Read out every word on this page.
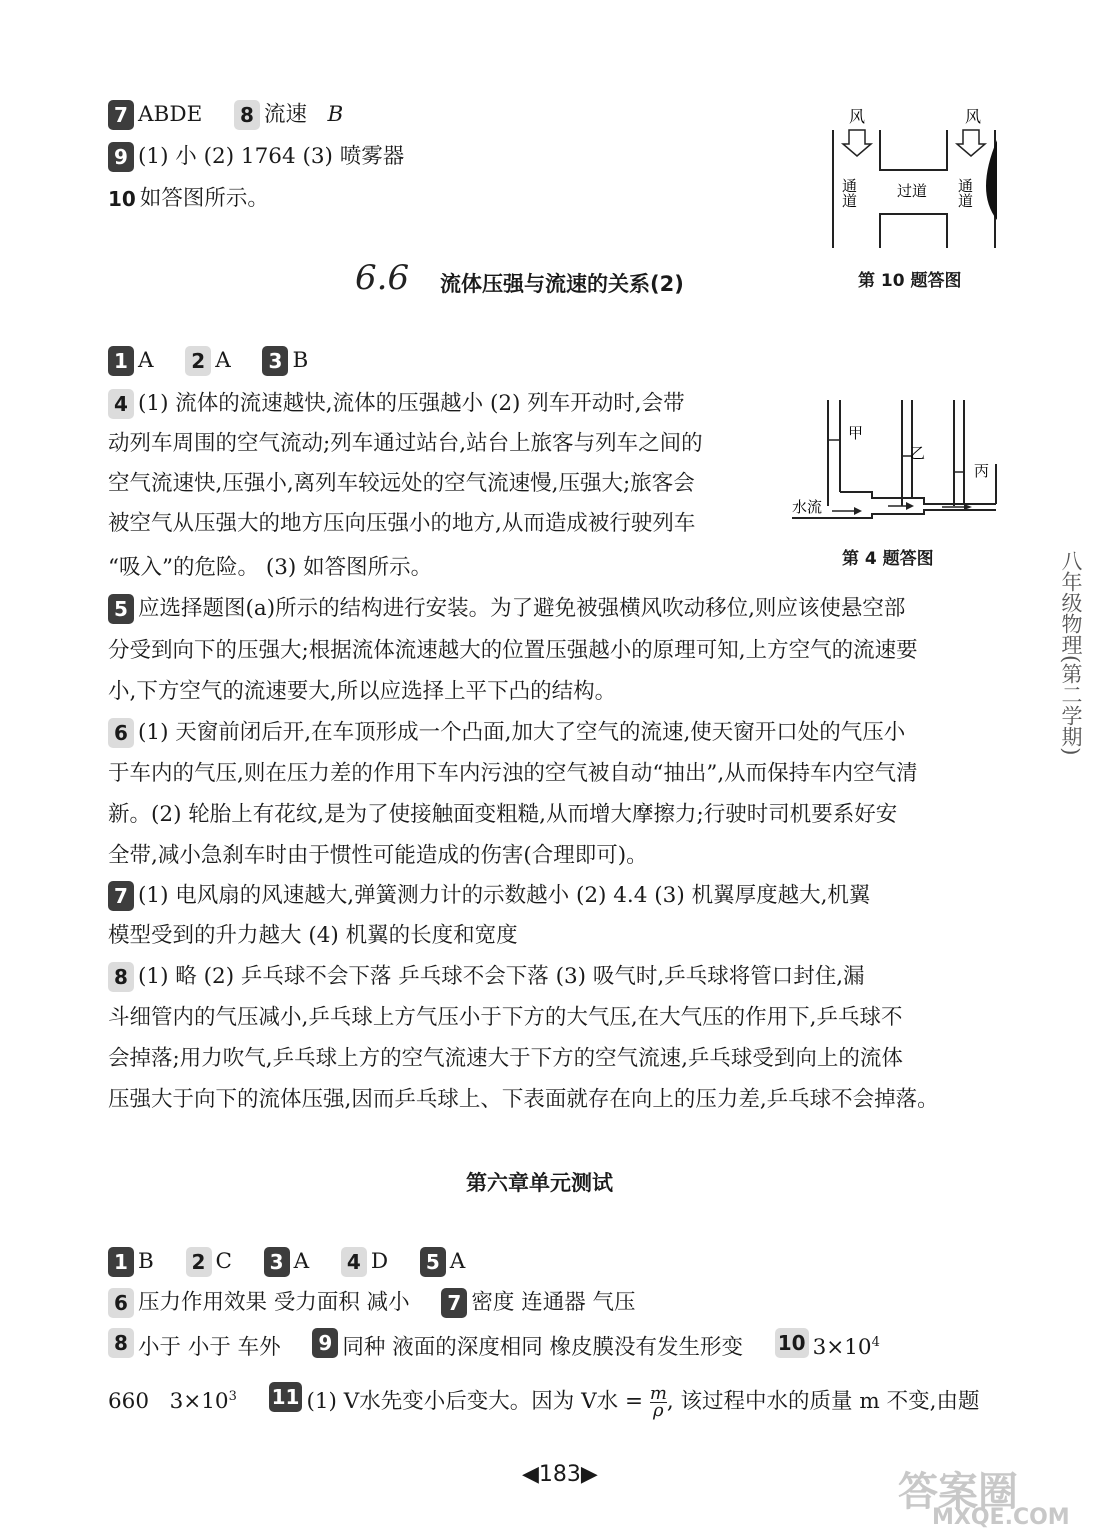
7 ABDE 8 流速 B
9 (1) 小 (2) 1764 (3) 喷雾器
10 如答图所示。
风	风
通道	通道
过道
第 10 题答图
6.6 流体压强与流速的关系(2)
1 A 2 A 3 B
4 (1) 流体的流速越快,流体的压强越小 (2) 列车开动时,会带
动列车周围的空气流动;列车通过站台,站台上旅客与列车之间的
空气流速快,压强小,离列车较远处的空气流速慢,压强大;旅客会
被空气从压强大的地方压向压强小的地方,从而造成被行驶列车
“吸入”的危险。 (3) 如答图所示。
甲
乙
丙
水流
第 4 题答图
5 应选择题图(a)所示的结构进行安装。为了避免被强横风吹动移位,则应该使悬空部
分受到向下的压强大;根据流体流速越大的位置压强越小的原理可知,上方空气的流速要
小,下方空气的流速要大,所以应选择上平下凸的结构。
6 (1) 天窗前闭后开,在车顶形成一个凸面,加大了空气的流速,使天窗开口处的气压小
于车内的气压,则在压力差的作用下车内污浊的空气被自动“抽出”,从而保持车内空气清
新。(2) 轮胎上有花纹,是为了使接触面变粗糙,从而增大摩擦力;行驶时司机要系好安
全带,减小急刹车时由于惯性可能造成的伤害(合理即可)。
7 (1) 电风扇的风速越大,弹簧测力计的示数越小 (2) 4.4 (3) 机翼厚度越大,机翼
模型受到的升力越大 (4) 机翼的长度和宽度
8 (1) 略 (2) 乒乓球不会下落 乒乓球不会下落 (3) 吸气时,乒乓球将管口封住,漏
斗细管内的气压减小,乒乓球上方气压小于下方的大气压,在大气压的作用下,乒乓球不
会掉落;用力吹气,乒乓球上方的空气流速大于下方的空气流速,乒乓球受到向上的流体
压强大于向下的流体压强,因而乒乓球上、下表面就存在向上的压力差,乒乓球不会掉落。
第六章单元测试
1 B 2 C 3 A 4 D 5 A
6 压力作用效果 受力面积 减小 7 密度 连通器 气压
8 小于 小于 车外 9 同种 液面的深度相同 橡皮膜没有发生形变 10 $3\times 10^4$
660 $3\times 10^3$ 11 (1) V水先变小后变大。因为 V水 = $\frac{m}{\rho}$ , 该过程中水的质量 m 不变,由题
八年级物理(第二学期)
◀183▶	答案圈
MXQE.COM
